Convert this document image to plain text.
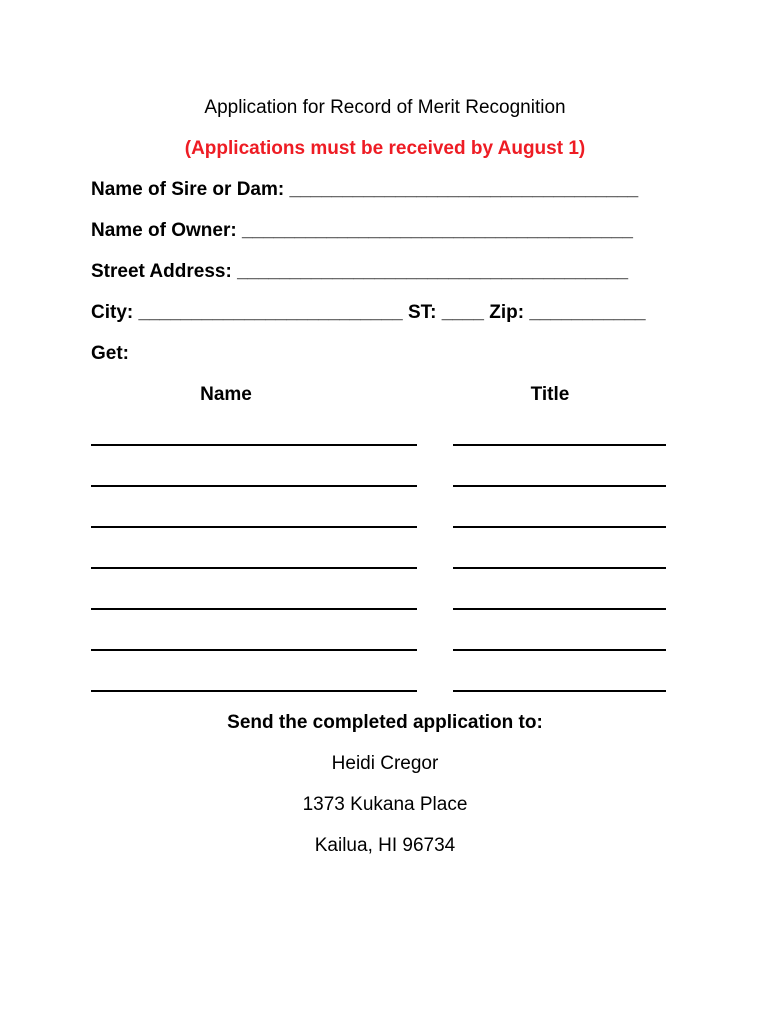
Application for Record of Merit Recognition
(Applications must be received by August 1)
Name of Sire or Dam: _________________________________
Name of Owner: _____________________________________
Street Address: _____________________________________
City: _________________________ ST: ____ Zip: ___________
Get:
Name	Title
Send the completed application to:
Heidi Cregor
1373 Kukana Place
Kailua, HI 96734
